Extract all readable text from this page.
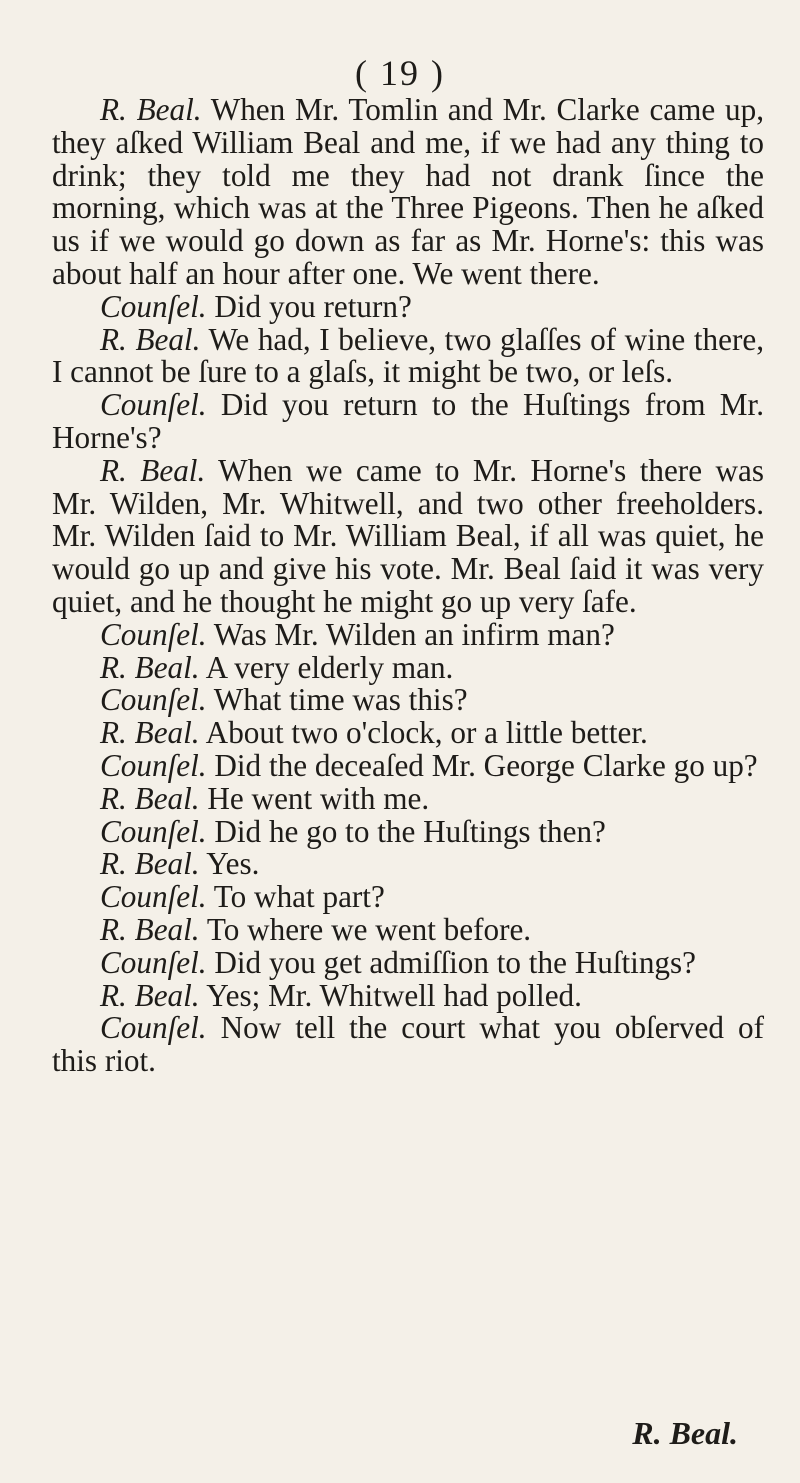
( 19 )

R. Beal. When Mr. Tomlin and Mr. Clarke came up, they aſked William Beal and me, if we had any thing to drink; they told me they had not drank ſince the morning, which was at the Three Pigeons. Then he aſked us if we would go down as far as Mr. Horne's: this was about half an hour after one. We went there.

Counſel. Did you return?

R. Beal. We had, I believe, two glaſſes of wine there, I cannot be ſure to a glaſs, it might be two, or leſs.

Counſel. Did you return to the Huſtings from Mr. Horne's?

R. Beal. When we came to Mr. Horne's there was Mr. Wilden, Mr. Whitwell, and two other freeholders. Mr. Wilden ſaid to Mr. William Beal, if all was quiet, he would go up and give his vote. Mr. Beal ſaid it was very quiet, and he thought he might go up very ſafe.

Counſel. Was Mr. Wilden an infirm man?

R. Beal. A very elderly man.

Counſel. What time was this?

R. Beal. About two o'clock, or a little better.

Counſel. Did the deceaſed Mr. George Clarke go up?

R. Beal. He went with me.

Counſel. Did he go to the Huſtings then?

R. Beal. Yes.

Counſel. To what part?

R. Beal. To where we went before.

Counſel. Did you get admiſſion to the Huſtings?

R. Beal. Yes; Mr. Whitwell had polled.

Counſel. Now tell the court what you obſerved of this riot.

R. Beal.
